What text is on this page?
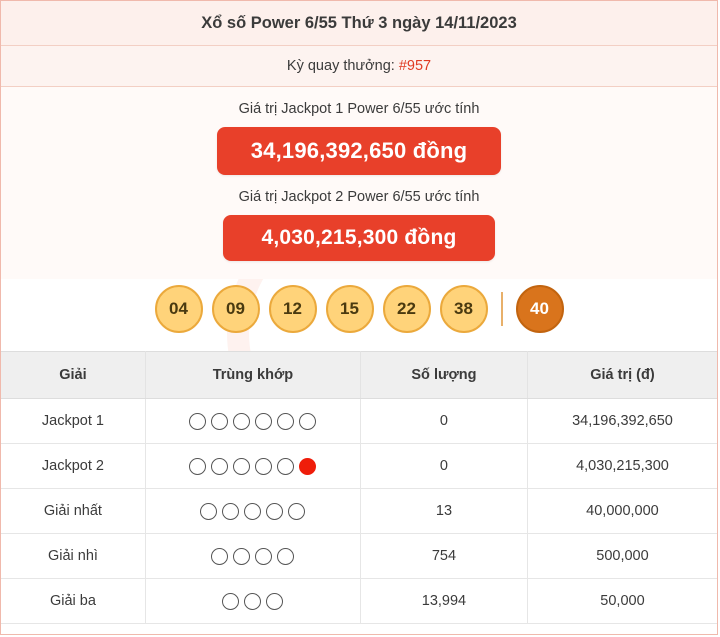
Xổ số Power 6/55 Thứ 3 ngày 14/11/2023
Kỳ quay thưởng: #957
Giá trị Jackpot 1 Power 6/55 ước tính
34,196,392,650 đồng
Giá trị Jackpot 2 Power 6/55 ước tính
4,030,215,300 đồng
04	09	12	15	22	38	40
Giải	Trùng khớp	Số lượng	Giá trị (đ)
Jackpot 1		0	34,196,392,650
Jackpot 2		0	4,030,215,300
Giải nhất		13	40,000,000
Giải nhì		754	500,000
Giải ba		13,994	50,000
